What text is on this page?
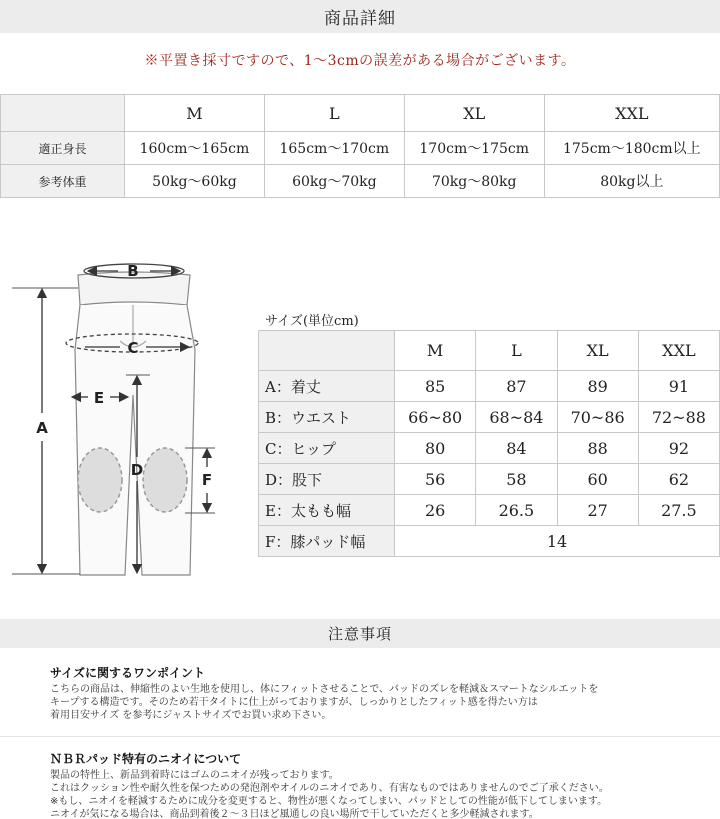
商品詳細
※平置き採寸ですので、1〜3cmの誤差がある場合がございます。
	M	L	XL	XXL
適正身長	160cm〜165cm	165cm〜170cm	170cm〜175cm	175cm〜180cm以上
参考体重	50kg〜60kg	60kg〜70kg	70kg〜80kg	80kg以上
B
C
A
E
D
F
サイズ(単位cm)
	M	L	XL	XXL
A：着丈	85	87	89	91
B：ウエスト	66~80	68~84	70~86	72~88
C：ヒップ	80	84	88	92
D：股下	56	58	60	62
E：太もも幅	26	26.5	27	27.5
F：膝パッド幅	14			
注意事項
サイズに関するワンポイント

こちらの商品は、伸縮性のよい生地を使用し、体にフィットさせることで、パッドのズレを軽減＆スマートなシルエットを

キープする構造です。そのため若干タイトに仕上がっておりますが、しっかりとしたフィット感を得たい方は

着用目安サイズ を参考にジャストサイズでお買い求め下さい。

ＮＢＲパッド特有のニオイについて

製品の特性上、新品到着時にはゴムのニオイが残っております。

これはクッション性や耐久性を保つための発泡剤やオイルのニオイであり、有害なものではありませんのでご了承ください。

※もし、ニオイを軽減するために成分を変更すると、物性が悪くなってしまい、パッドとしての性能が低下してしまいます。

ニオイが気になる場合は、商品到着後２〜３日ほど風通しの良い場所で干していただくと多少軽減されます。
